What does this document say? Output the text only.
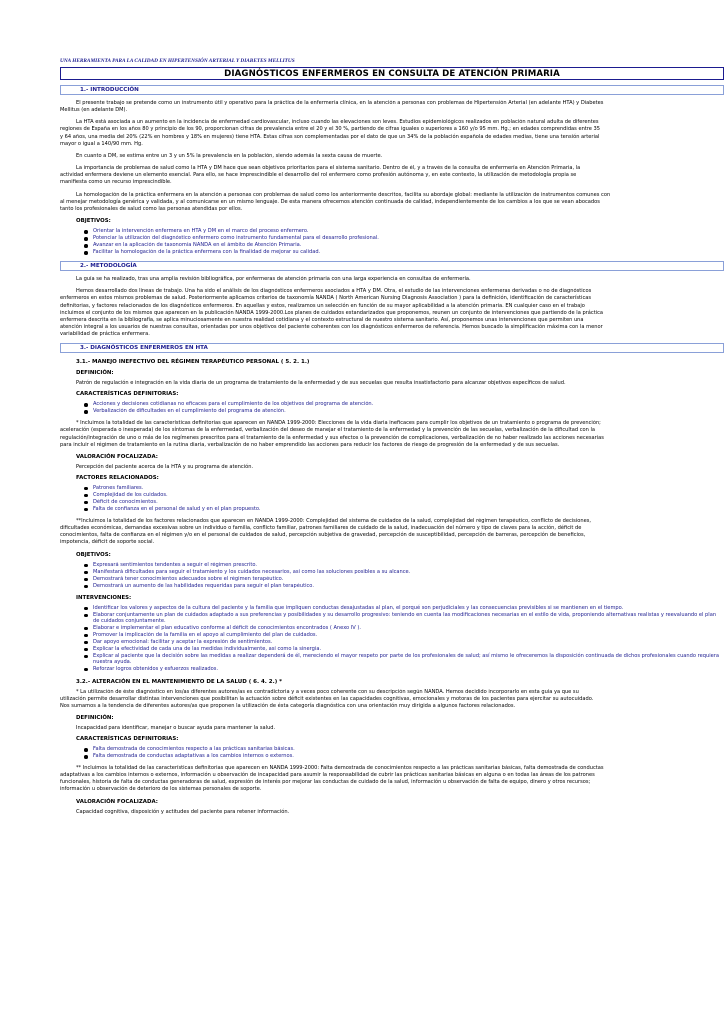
UNA HERRAMIENTA PARA LA CALIDAD EN HIPERTENSIÓN ARTERIAL Y DIABETES MELLITUS
DIAGNÓSTICOS ENFERMEROS EN CONSULTA DE ATENCIÓN PRIMARIA
1.- INTRODUCCIÓN

El presente trabajo se pretende como un instrumento útil y operativo para la práctica de la enfermería clínica, en la atención a personas con problemas de Hipertensión Arterial (en adelante HTA) y Diabetes
Mellitus (en adelante DM).

La HTA está asociada a un aumento en la incidencia de enfermedad cardiovascular, incluso cuando las elevaciones son leves. Estudios epidemiológicos realizados en población natural adulta de diferentes
regiones de España en los años 80 y principio de los 90, proporcionan cifras de prevalencia entre el 20 y el 30 %, partiendo de cifras iguales o superiores a 160 y/o 95 mm. Hg.; en edades comprendidas entre 35
y 64 años, una media del 20% (22% en hombres y 18% en mujeres) tiene HTA. Estas cifras son complementadas por el dato de que un 34% de la población española de edades medias, tiene una tensión arterial
mayor o igual a 140/90 mm. Hg.

En cuanto a DM, se estima entre un 3 y un 5% la prevalencia en la población, siendo además la sexta causa de muerte.

La importancia de problemas de salud como la HTA y DM hace que sean objetivos prioritarios para el sistema sanitario. Dentro de él, y a través de la consulta de enfermería en Atención Primaria, la
actividad enfermera deviene un elemento esencial. Para ello, se hace imprescindible el desarrollo del rol enfermero como profesión autónoma y, en este contexto, la utilización de metodología propia se
manifiesta como un recurso imprescindible.

La homologación de la práctica enfermera en la atención a personas con problemas de salud como los anteriormente descritos, facilita su abordaje global: mediante la utilización de instrumentos comunes con
al menejar metodología genérica y validada, y al comunicarse en un mismo lenguaje. De esta manera ofrecemos atención continuada de calidad, independientemente de los cambios a los que se vean abocados
tanto los profesionales de salud como las personas atendidas por ellos.

OBJETIVOS:
Orientar la intervención enfermera en HTA y DM en el marco del proceso enfermero.
Potenciar la utilización del diagnóstico enfermero como instrumento fundamental para el desarrollo profesional.
Avanzar en la aplicación de taxonomía NANDA en el ámbito de Atención Primaria.
Facilitar la homologación de la práctica enfermera con la finalidad de mejorar su calidad.
2.- METODOLOGÍA

La guía se ha realizado, tras una amplia revisión bibliográfica, por enfermeras de atención primaria con una larga experiencia en consultas de enfermería.

Hemos desarrollado dos líneas de trabajo. Una ha sido el análisis de los diagnósticos enfermeros asociados a HTA y DM. Otra, el estudio de las intervenciones enfermeras derivadas o no de diagnósticos
enfermeros en estos mismos problemas de salud. Posteriormente aplicamos criterios de taxonomía NANDA ( North American Nursing Diagnosis Association ) para la definición, identificación de características
definitorias, y factores relacionados de los diagnósticos enfermeros. En aquellas y estos, realizamos un selección en función de su mayor aplicabilidad a la atención primaria. EN cualquier caso en el trabajo
incluimos el conjunto de los mismos que aparecen en la publicación NANDA 1999-2000.Los planes de cuidados estandarizados que proponemos, reunen un conjunto de intervenciones que partiendo de la práctica
enfermera descrita en la bibliografía, se aplica minuciosamente en nuestra realidad cotidiana y el contexto estructural de nuestro sistema sanitario. Así, proponemos unas intervenciones que permiten una
atención integral a los usuarios de nuestras consultas, orientadas por unos objetivos del paciente coherentes con los diagnósticos enfermeros de referencia. Hemos buscado la simplificación máxima con la menor
variabilidad de práctica enfermera.

3.- DIAGNÓSTICOS ENFERMEROS EN HTA
3.1.- MANEJO INEFECTIVO DEL RÉGIMEN TERAPÉUTICO PERSONAL ( 5. 2. 1.)
DEFINICIÓN:
Patrón de regulación e integración en la vida diaria de un programa de tratamiento de la enfermedad y de sus secuelas que resulta insatisfactorio para alcanzar objetivos específicos de salud.
CARACTERÍSTICAS DEFINITORIAS:
Acciones y decisiones cotidianas no eficaces para el cumplimiento de los objetivos del programa de atención.
Verbalización de dificultades en el cumplimiento del programa de atención.

* Incluimos la totalidad de las características definitorias que aparecen en NANDA 1999-2000: Elecciones de la vida diaria ineficaces para cumplir los objetivos de un tratamiento o programa de prevención;
aceleración (esperada o inesperada) de los síntomas de la enfermedad, verbalización del deseo de manejar el tratamiento de la enfermedad y la prevención de las secuelas, verbalización de la dificultad con la
regulación/integración de uno o más de los regímenes prescritos para el tratamiento de la enfermedad y sus efectos o la prevención de complicaciones, verbalización de no haber realizado las acciones necesarias
para incluir el régimen de tratamiento en la rutina diaria, verbalización de no haber emprendido las acciones para reducir los factores de riesgo de progresión de la enfermedad y de sus secuelas.

VALORACIÓN FOCALIZADA:
Percepción del paciente acerca de la HTA y su programa de atención.
FACTORES RELACIONADOS:
Patrones familiares.
Complejidad de los cuidados.
Déficit de conocimientos.
Falta de confianza en el personal de salud y en el plan propuesto.

**Incluimos la totalidad de los factores relacionados que aparecen en NANDA 1999-2000: Complejidad del sistema de cuidados de la salud, complejidad del régimen terapéutico, conflicto de decisiones,
dificultades económicas, demandas excesivas sobre un individuo o familia, conflicto familiar, patrones familiares de cuidado de la salud, inadecuación del número y tipo de claves para la acción, déficit de
conocimientos, falta de confianza en el régimen y/o en el personal de cuidados de salud, percepción subjetiva de gravedad, percepción de susceptibilidad, percepción de barreras, percepción de beneficios,
impotencia, déficit de soporte social.

OBJETIVOS:
Expresará sentimientos tendentes a seguir el régimen prescrito.
Manifestará dificultades para seguir el tratamiento y los cuidados necesarios, así como las soluciones posibles a su alcance.
Demostrará tener conocimientos adecuados sobre el régimen terapéutico.
Demostrará un aumento de las habilidades requeridas para seguir el plan terapéutico.
INTERVENCIONES:
Identificar los valores y aspectos de la cultura del paciente y la familia que impliquen conductas desajustadas al plan, el porqué son perjudiciales y las consecuencias previsibles si se mantienen en el tiempo.
Elaborar conjuntamente un plan de cuidados adaptado a sus preferencias y posibilidades y su desarrollo progresivo: teniendo en cuenta las modificaciones necesarias en el estilo de vida, proponiendo alternativas realistas y reevaluando el plan de cuidados conjuntamente.
Elaborar e implementar el plan educativo conforme al déficit de conocimientos encontrados ( Anexo IV ).
Promover la implicación de la familia en el apoyo al cumplimiento del plan de cuidados.
Dar apoyo emocional: facilitar y aceptar la expresión de sentimientos.
Explicar la efectividad de cada una de las medidas individualmente, así como la sinergia.
Explicar al paciente que la decisión sobre las medidas a realizar dependerá de él, mereciendo el mayor respeto por parte de los profesionales de salud; así mismo le ofreceremos la disposición continuada de dichos profesionales cuando requiera nuestra ayuda.
Reforzar logros obtenidos y esfuerzos realizados.
3.2.- ALTERACIÓN EN EL MANTENIMIENTO DE LA SALUD ( 6. 4. 2.) *

* La utilización de éste diagnóstico en los/as diferentes autores/as es contradictoria y a veces poco coherente con su descripción según NANDA. Hemos decidido incorporarlo en esta guía ya que su
utilización permite desarrollar distintas intervenciones que posibilitan la actuación sobre déficit existentes en las capacidades cognitivas, emocionales y motoras de los pacientes para ejercitar su autocuidado.
Nos sumamos a la tendencia de diferentes autores/as que proponen la utilización de ésta categoría diagnóstica con una orientación muy dirigida a algunos factores relacionados.

DEFINICIÓN:
Incapacidad para identificar, manejar o buscar ayuda para mantener la salud.
CARACTERÍSTICAS DEFINITORIAS:
Falta demostrada de conocimientos respecto a las prácticas sanitarias básicas.
Falta demostrada de conductas adaptativas a los cambios internos o externos.

** Incluimos la totalidad de las características definitorias que aparecen en NANDA 1999-2000: Falta demostrada de conocimientos respecto a las prácticas sanitarias básicas, falta demostrada de conductas
adaptativas a los cambios internos o externos, información u observación de incapacidad para asumir la responsabilidad de cubrir las prácticas sanitarias básicas en alguna o en todas las áreas de los patrones
funcionales, historia de falta de conductas generadoras de salud, expresión de interés por mejorar las conductas de cuidado de la salud, información u observación de falta de equipo, dinero y otros recursos;
información u observación de deterioro de los sistemas personales de soporte.

VALORACIÓN FOCALIZADA:
Capacidad cognitiva, disposición y actitudes del paciente para retener información.
